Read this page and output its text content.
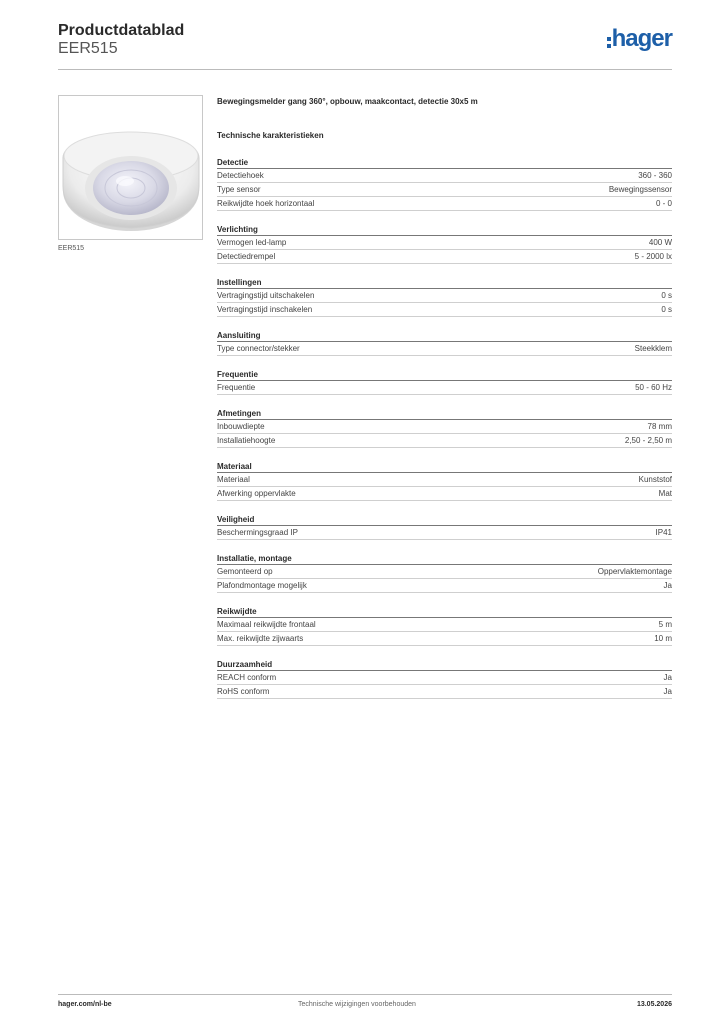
Productdatablad
EER515	hager
EER515
Bewegingsmelder gang 360°, opbouw, maakcontact, detectie 30x5 m
Technische karakteristieken
Detectie
Detectiehoek	360 - 360
Type sensor	Bewegingssensor
Reikwijdte hoek horizontaal	0 - 0
Verlichting
Vermogen led-lamp	400 W
Detectiedrempel	5 - 2000 lx
Instellingen
Vertragingstijd uitschakelen	0 s
Vertragingstijd inschakelen	0 s
Aansluiting
Type connector/stekker	Steekklem
Frequentie
Frequentie	50 - 60 Hz
Afmetingen
Inbouwdiepte	78 mm
Installatiehoogte	2,50 - 2,50 m
Materiaal
Materiaal	Kunststof
Afwerking oppervlakte	Mat
Veiligheid
Beschermingsgraad IP	IP41
Installatie, montage
Gemonteerd op	Oppervlaktemontage
Plafondmontage mogelijk	Ja
Reikwijdte
Maximaal reikwijdte frontaal	5 m
Max. reikwijdte zijwaarts	10 m
Duurzaamheid
REACH conform	Ja
RoHS conform	Ja
hager.com/nl-be	Technische wijzigingen voorbehouden	13.05.2026
